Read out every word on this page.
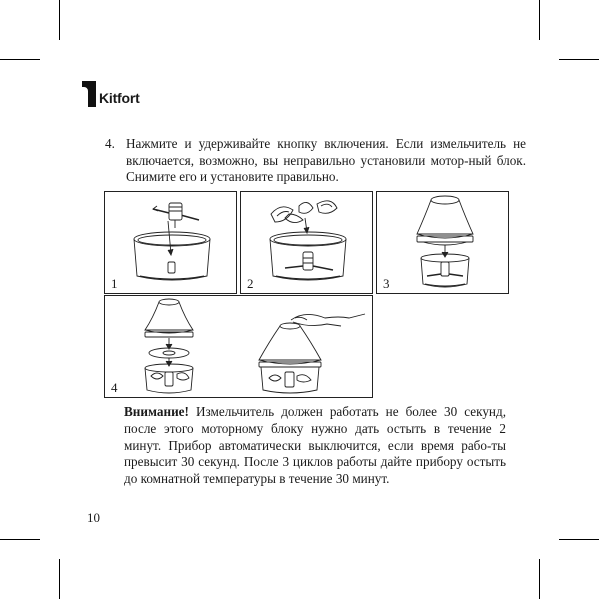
Kitfort
4. Нажмите и удерживайте кнопку включения. Если измельчитель не включается, возможно, вы неправильно установили мотор-ный блок. Снимите его и установите правильно.
1	2	3
4
Внимание! Измельчитель должен работать не более 30 секунд, после этого моторному блоку нужно дать остыть в течение 2 минут. Прибор автоматически выключится, если время рабо-ты превысит 30 секунд. После 3 циклов работы дайте прибору остыть до комнатной температуры в течение 30 минут.
10
